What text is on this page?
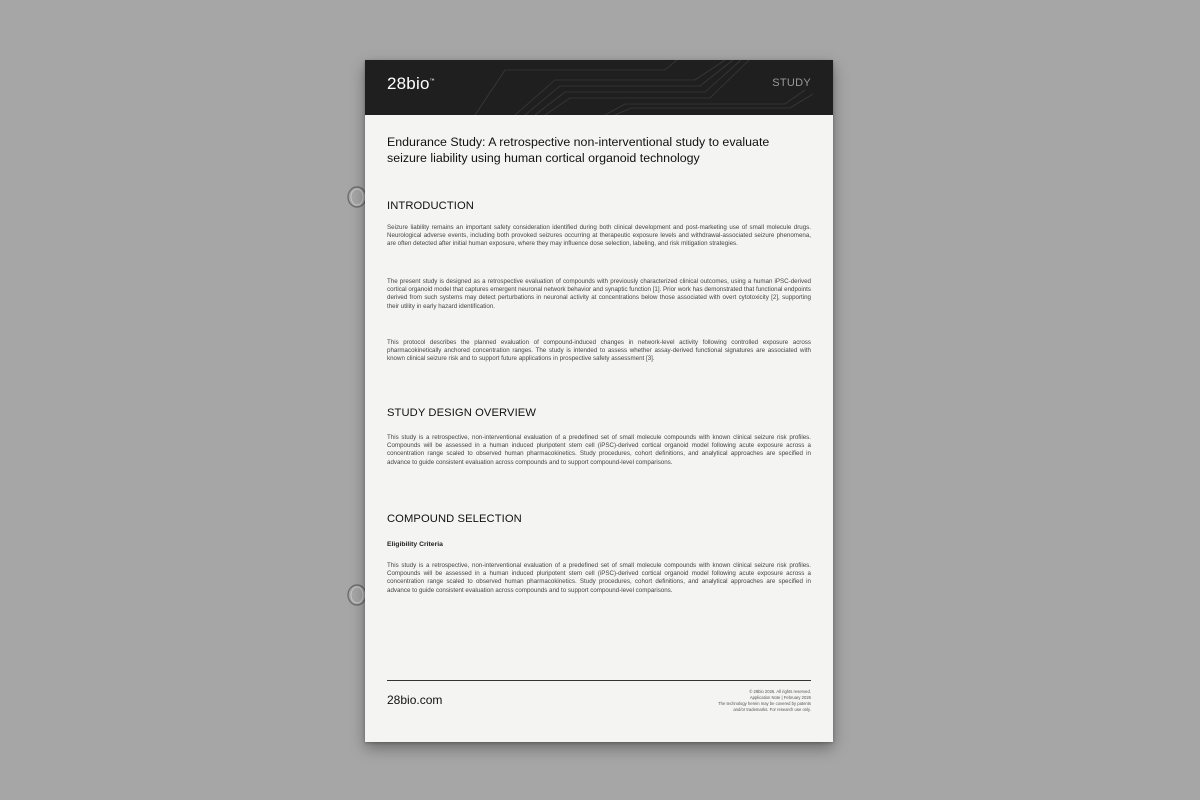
28bio™	STUDY
Endurance Study: A retrospective non-interventional study to evaluate seizure liability using human cortical organoid technology
INTRODUCTION

Seizure liability remains an important safety consideration identified during both clinical development and post-marketing use of small molecule drugs. Neurological adverse events, including both provoked seizures occurring at therapeutic exposure levels and withdrawal-associated seizure phenomena, are often detected after initial human exposure, where they may influence dose selection, labeling, and risk mitigation strategies.

The present study is designed as a retrospective evaluation of compounds with previously characterized clinical outcomes, using a human iPSC-derived cortical organoid model that captures emergent neuronal network behavior and synaptic function [1]. Prior work has demonstrated that functional endpoints derived from such systems may detect perturbations in neuronal activity at concentrations below those associated with overt cytotoxicity [2], supporting their utility in early hazard identification.

This protocol describes the planned evaluation of compound-induced changes in network-level activity following controlled exposure across pharmacokinetically anchored concentration ranges. The study is intended to assess whether assay-derived functional signatures are associated with known clinical seizure risk and to support future applications in prospective safety assessment [3].

STUDY DESIGN OVERVIEW

This study is a retrospective, non-interventional evaluation of a predefined set of small molecule compounds with known clinical seizure risk profiles. Compounds will be assessed in a human induced pluripotent stem cell (iPSC)-derived cortical organoid model following acute exposure across a concentration range scaled to observed human pharmacokinetics. Study procedures, cohort definitions, and analytical approaches are specified in advance to guide consistent evaluation across compounds and to support compound-level comparisons.

COMPOUND SELECTION

Eligibility Criteria

This study is a retrospective, non-interventional evaluation of a predefined set of small molecule compounds with known clinical seizure risk profiles. Compounds will be assessed in a human induced pluripotent stem cell (iPSC)-derived cortical organoid model following acute exposure across a concentration range scaled to observed human pharmacokinetics. Study procedures, cohort definitions, and analytical approaches are specified in advance to guide consistent evaluation across compounds and to support compound-level comparisons.

28bio.com
© 28bio 2026. All rights reserved.
Application Note | February 2026
The technology herein may be covered by patents
and/or trademarks. For research use only.
